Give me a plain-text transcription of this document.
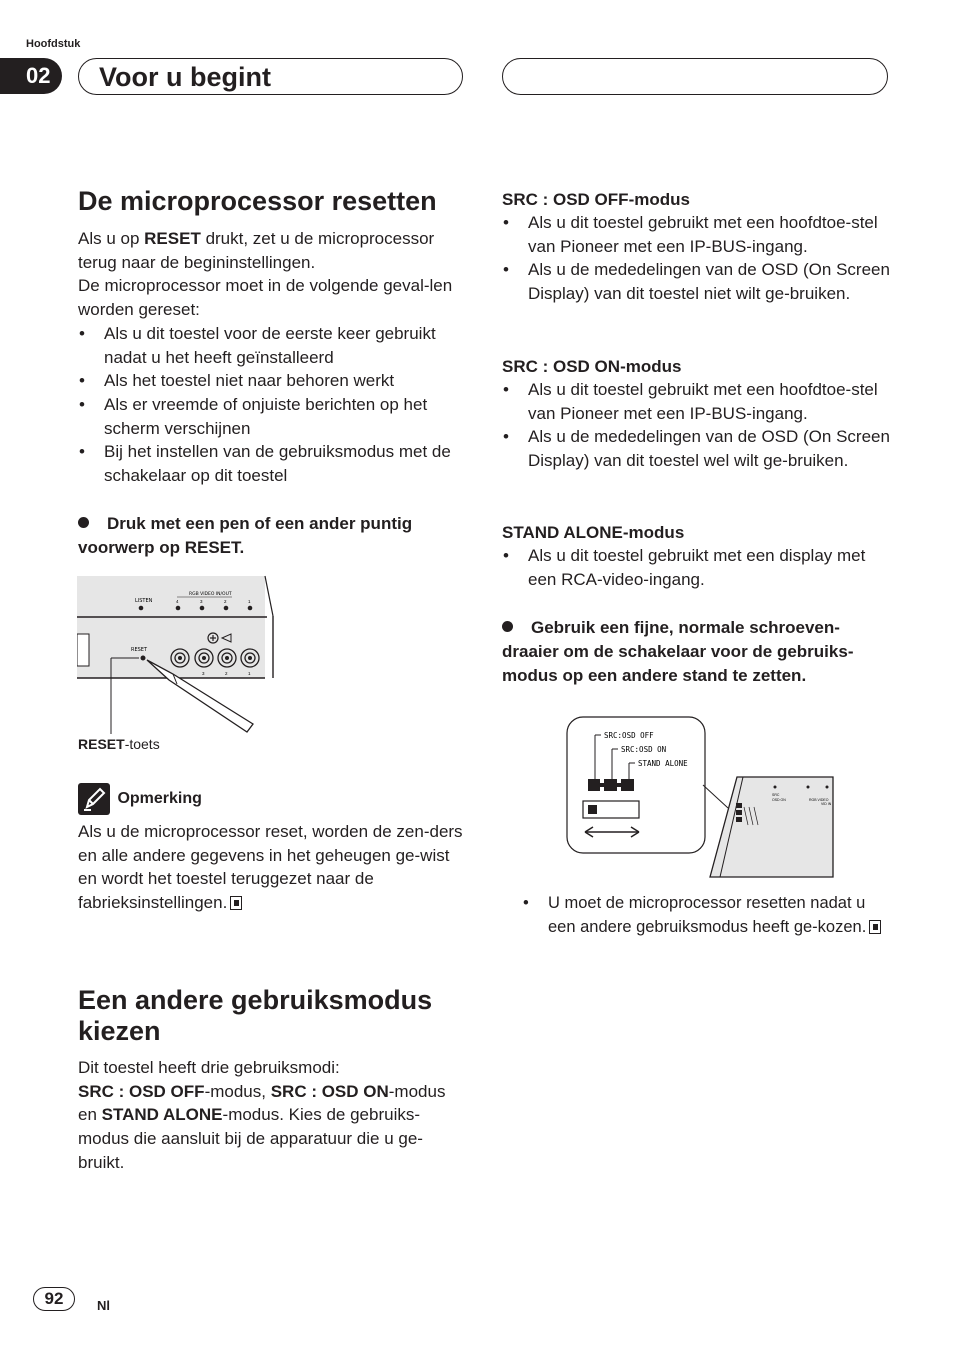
Hoofdstuk
02	Voor u begint
De microprocessor resetten

Als u op RESET drukt, zet u de microprocessor terug naar de begininstellingen.

De microprocessor moet in de volgende geval-len worden gereset:

• Als u dit toestel voor de eerste keer gebruikt nadat u het heeft geïnstalleerd
• Als het toestel niet naar behoren werkt
• Als er vreemde of onjuiste berichten op het scherm verschijnen
• Bij het instellen van de gebruiksmodus met de schakelaar op dit toestel
Druk met een pen of een ander puntig voorwerp op RESET.
LISTEN
RGB VIDEO IN/OUT
4	3	2	1
RESET
3	2	1
RESET-toets
Opmerking
Als u de microprocessor reset, worden de zen-ders en alle andere gegevens in het geheugen ge-wist en wordt het toestel teruggezet naar de fabrieksinstellingen.
Een andere gebruiksmodus kiezen

Dit toestel heeft drie gebruiksmodi:

SRC : OSD OFF-modus, SRC : OSD ON-modus en STAND ALONE-modus. Kies de gebruiks-modus die aansluit bij de apparatuur die u ge-bruikt.

SRC : OSD OFF-modus
• Als u dit toestel gebruikt met een hoofdtoe-stel van Pioneer met een IP-BUS-ingang.
• Als u de mededelingen van de OSD (On Screen Display) van dit toestel niet wilt ge-bruiken.
SRC : OSD ON-modus
• Als u dit toestel gebruikt met een hoofdtoe-stel van Pioneer met een IP-BUS-ingang.
• Als u de mededelingen van de OSD (On Screen Display) van dit toestel wel wilt ge-bruiken.
STAND ALONE-modus
• Als u dit toestel gebruikt met een display met een RCA-video-ingang.
Gebruik een fijne, normale schroeven-draaier om de schakelaar voor de gebruiks-modus op een andere stand te zetten.
SRC:OSD OFF
SRC:OSD ON
STAND ALONE
SRC
OSD ON	RGB VIDEO
VID IN
• U moet de microprocessor resetten nadat u een andere gebruiksmodus heeft ge-kozen.
92	Nl
